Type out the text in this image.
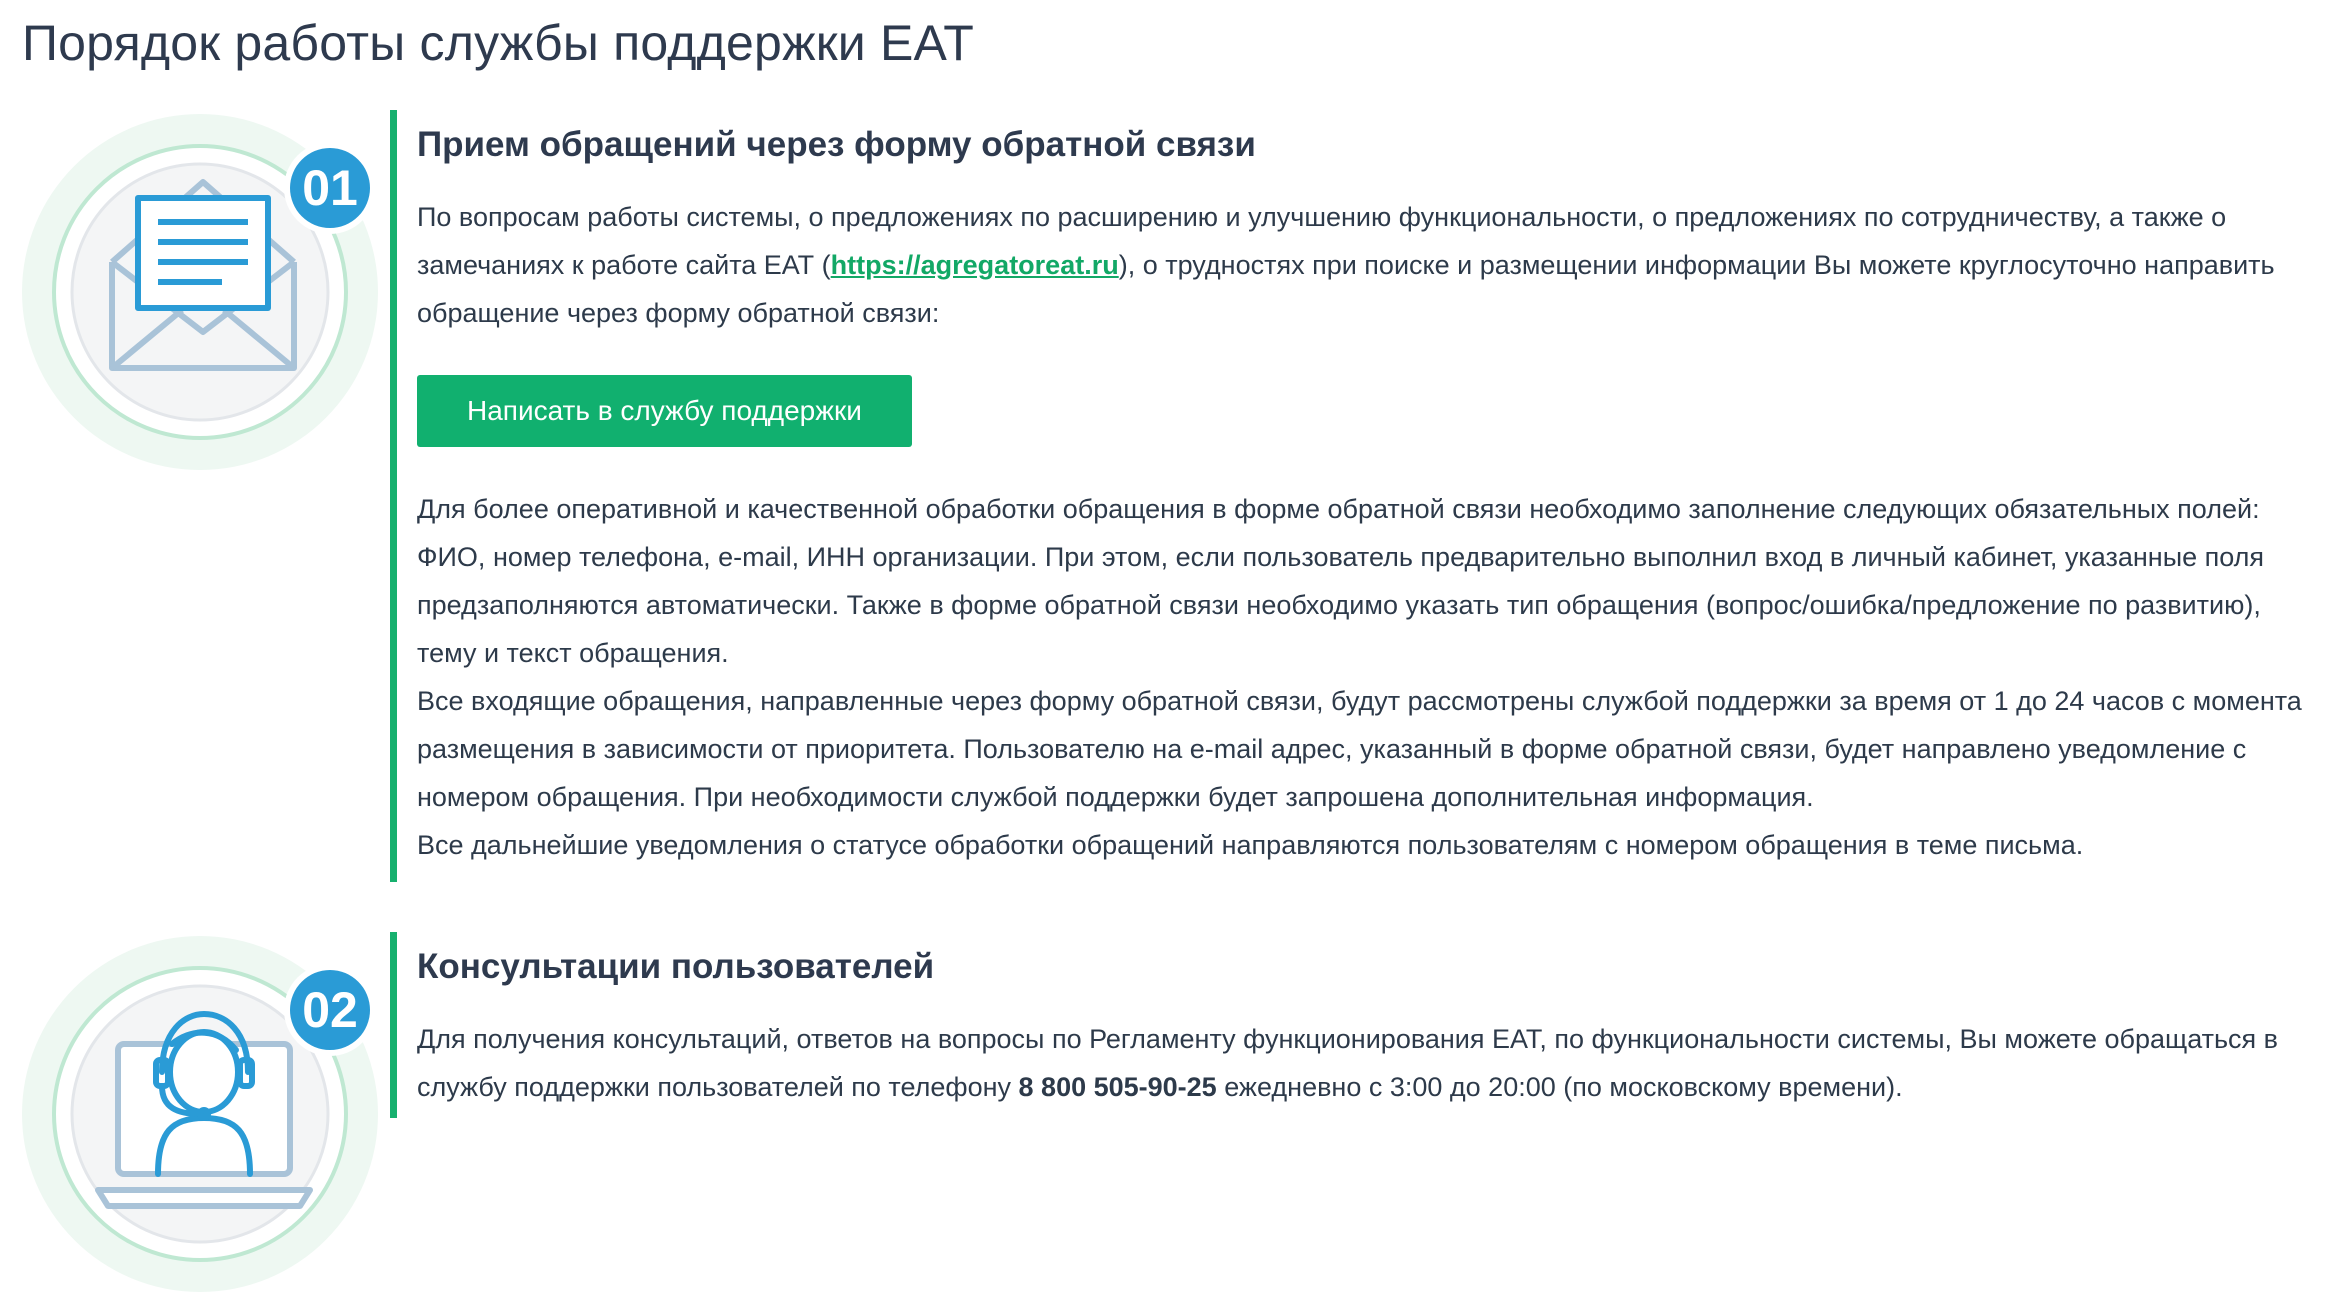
Порядок работы службы поддержки ЕАТ
01
Прием обращений через форму обратной связи

По вопросам работы системы, о предложениях по расширению и улучшению функциональности, о предложениях по сотрудничеству, а также о замечаниях к работе сайта ЕАТ (https://agregatoreat.ru), о трудностях при поиске и размещении информации Вы можете круглосуточно направить обращение через форму обратной связи:

Написать в службу поддержки

Для более оперативной и качественной обработки обращения в форме обратной связи необходимо заполнение следующих обязательных полей: ФИО, номер телефона, e-mail, ИНН организации. При этом, если пользователь предварительно выполнил вход в личный кабинет, указанные поля предзаполняются автоматически. Также в форме обратной связи необходимо указать тип обращения (вопрос/ошибка/предложение по развитию), тему и текст обращения.

Все входящие обращения, направленные через форму обратной связи, будут рассмотрены службой поддержки за время от 1 до 24 часов с момента размещения в зависимости от приоритета. Пользователю на e-mail адрес, указанный в форме обратной связи, будет направлено уведомление с номером обращения. При необходимости службой поддержки будет запрошена дополнительная информация.

Все дальнейшие уведомления о статусе обработки обращений направляются пользователям с номером обращения в теме письма.

02
Консультации пользователей

Для получения консультаций, ответов на вопросы по Регламенту функционирования ЕАТ, по функциональности системы, Вы можете обращаться в службу поддержки пользователей по телефону 8 800 505-90-25 ежедневно с 3:00 до 20:00 (по московскому времени).
